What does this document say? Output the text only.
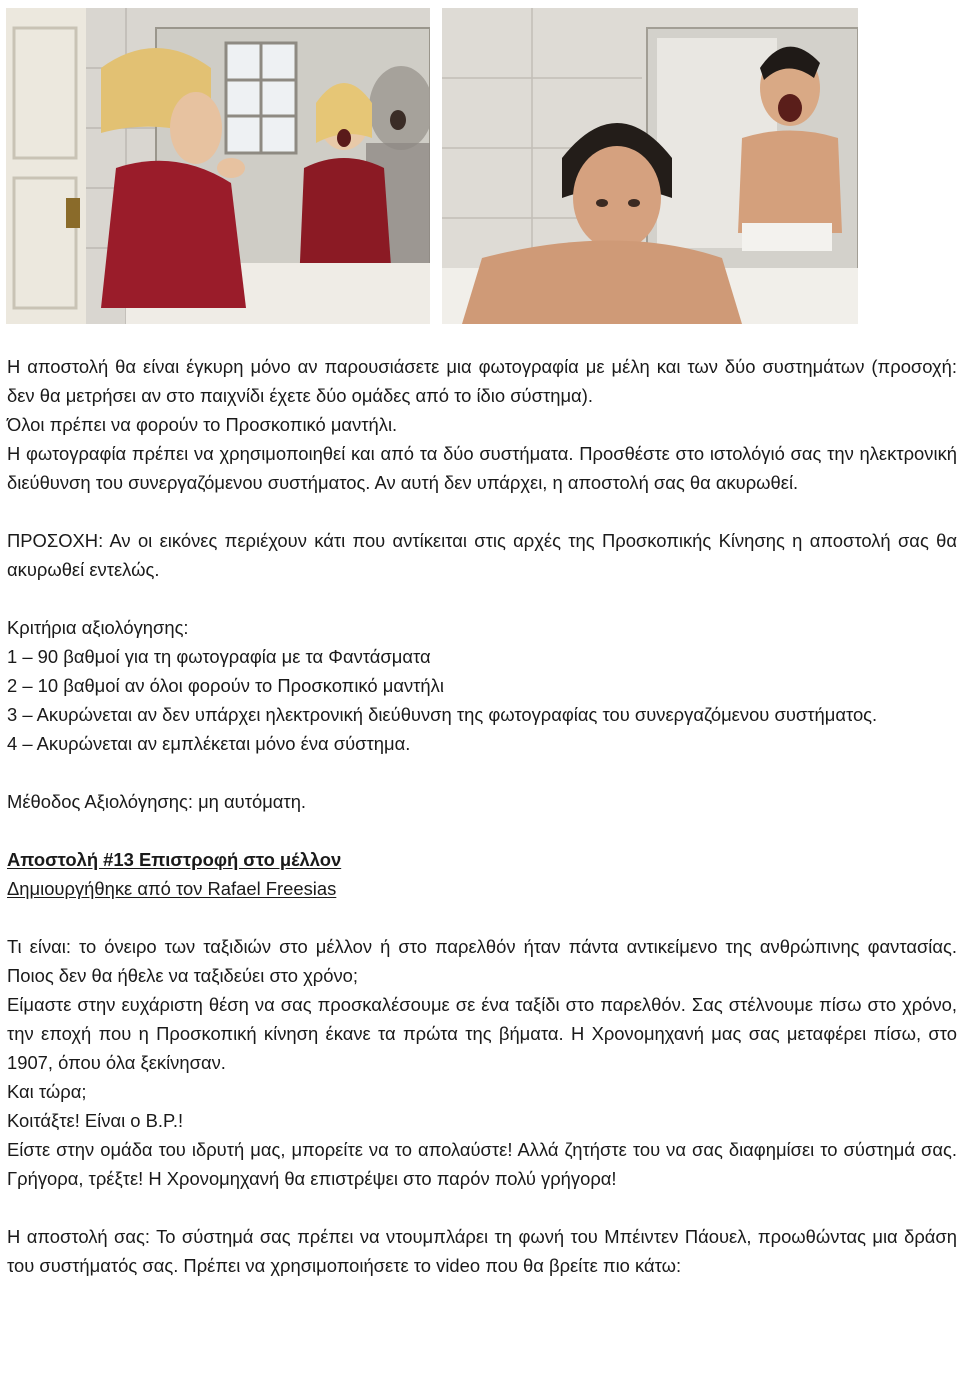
Η αποστολή θα είναι έγκυρη μόνο αν παρουσιάσετε μια φωτογραφία με μέλη και των δύο συστημάτων (προσοχή: δεν θα μετρήσει αν στο παιχνίδι έχετε δύο ομάδες από το ίδιο σύστημα).

Όλοι πρέπει να φορούν το Προσκοπικό μαντήλι.

Η φωτογραφία πρέπει να χρησιμοποιηθεί και από τα δύο συστήματα. Προσθέστε στο ιστολόγιό σας την ηλεκτρονική διεύθυνση του συνεργαζόμενου συστήματος. Αν αυτή δεν υπάρχει, η αποστολή σας θα ακυρωθεί.

ΠΡΟΣΟΧΗ: Αν οι εικόνες περιέχουν κάτι που αντίκειται στις αρχές της Προσκοπικής Κίνησης η αποστολή σας θα ακυρωθεί εντελώς.

Κριτήρια αξιολόγησης:

1 – 90 βαθμοί για τη φωτογραφία με τα Φαντάσματα

2 – 10 βαθμοί αν όλοι φορούν το Προσκοπικό μαντήλι

3 – Ακυρώνεται αν δεν υπάρχει ηλεκτρονική διεύθυνση της φωτογραφίας του συνεργαζόμενου συστήματος.

4 – Ακυρώνεται αν εμπλέκεται μόνο ένα σύστημα.

Μέθοδος Αξιολόγησης: μη αυτόματη.

Αποστολή #13 Επιστροφή στο μέλλον

Δημιουργήθηκε από τον Rafael Freesias

Τι είναι: το όνειρο των ταξιδιών στο μέλλον ή στο παρελθόν ήταν πάντα αντικείμενο της ανθρώπινης φαντασίας. Ποιος δεν θα ήθελε να ταξιδεύει στο χρόνο;

Είμαστε στην ευχάριστη θέση να σας προσκαλέσουμε σε ένα ταξίδι στο παρελθόν. Σας στέλνουμε πίσω στο χρόνο, την εποχή που η Προσκοπική κίνηση έκανε τα πρώτα της βήματα. Η Χρονομηχανή μας σας μεταφέρει πίσω, στο 1907, όπου όλα ξεκίνησαν.

Και τώρα;

Κοιτάξτε! Είναι ο B.P.!

Είστε στην ομάδα του ιδρυτή μας, μπορείτε να το απολαύστε! Αλλά ζητήστε του να σας διαφημίσει το σύστημά σας. Γρήγορα, τρέξτε! Η Χρονομηχανή θα επιστρέψει στο παρόν πολύ γρήγορα!

Η αποστολή σας: Το σύστημά σας πρέπει να ντουμπλάρει τη φωνή του Μπέιντεν Πάουελ, προωθώντας μια δράση του συστήματός σας. Πρέπει να χρησιμοποιήσετε το video που θα βρείτε πιο κάτω:
